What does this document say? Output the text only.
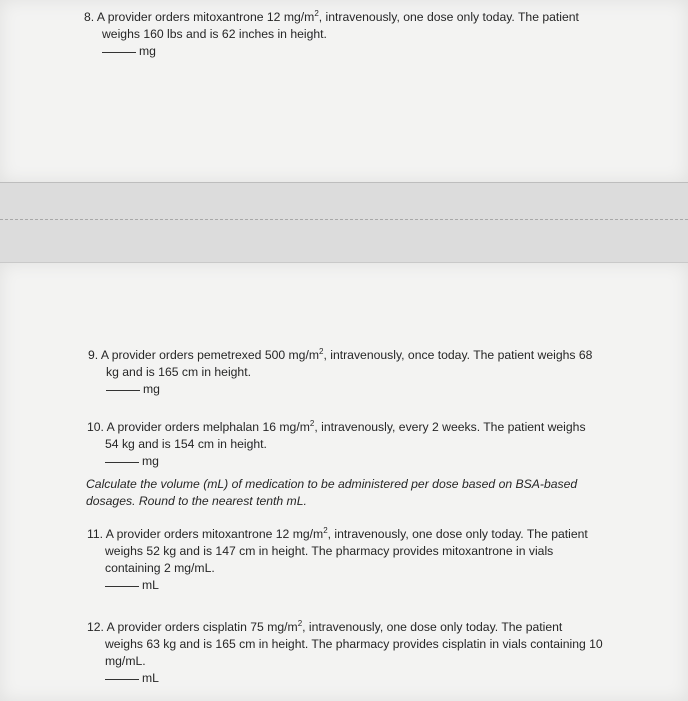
8. A provider orders mitoxantrone 12 $mg/m^2$, intravenously, one dose only today. The patient
weighs 160 lbs and is 62 inches in height.
mg
9. A provider orders pemetrexed 500 $mg/m^2$, intravenously, once today. The patient weighs 68
kg and is 165 cm in height.
mg
10. A provider orders melphalan 16 $mg/m^2$, intravenously, every 2 weeks. The patient weighs
54 kg and is 154 cm in height.
mg
Calculate the volume (mL) of medication to be administered per dose based on BSA-based
dosages. Round to the nearest tenth mL.
11. A provider orders mitoxantrone 12 $mg/m^2$, intravenously, one dose only today. The patient
weighs 52 kg and is 147 cm in height. The pharmacy provides mitoxantrone in vials
containing 2 mg/mL.
mL
12. A provider orders cisplatin 75 $mg/m^2$, intravenously, one dose only today. The patient
weighs 63 kg and is 165 cm in height. The pharmacy provides cisplatin in vials containing 10
mg/mL.
mL
